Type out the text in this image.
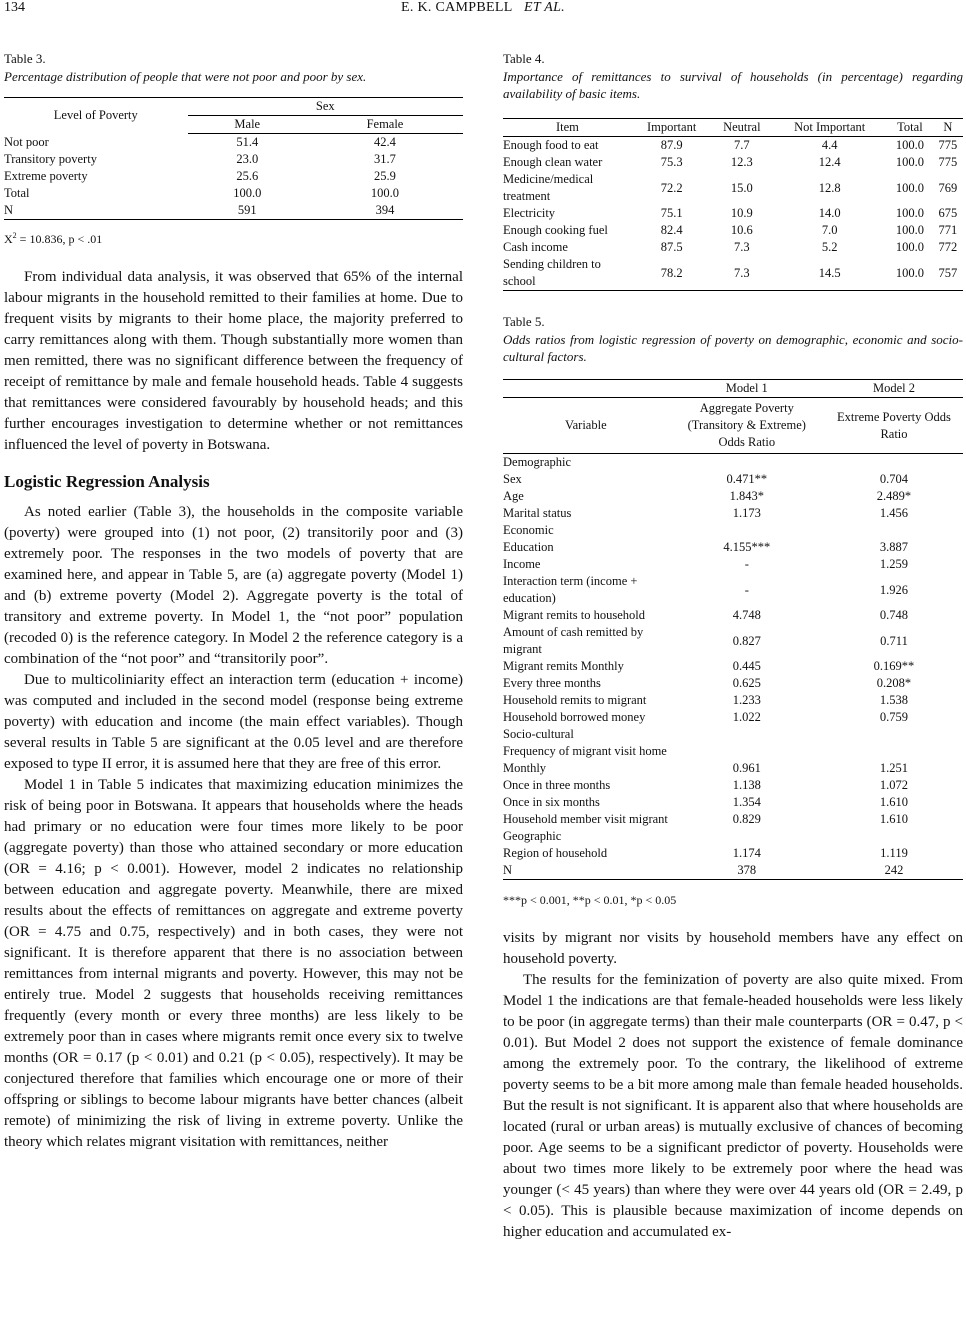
134	E. K. CAMPBELL ET AL.
Table 3.
Percentage distribution of people that were not poor and poor by sex.
Level of Poverty	Sex	
	Male	Female
Not poor	51.4	42.4
Transitory poverty	23.0	31.7
Extreme poverty	25.6	25.9
Total	100.0	100.0
N	591	394
$X^2 = 10.836$, p < .01

From individual data analysis, it was observed that 65% of the internal labour migrants in the household remitted to their families at home. Due to frequent visits by migrants to their home place, the majority preferred to carry remittances along with them. Though substantially more women than men remitted, there was no significant difference between the frequency of receipt of remittance by male and female household heads. Table 4 suggests that remittances were considered favourably by household heads; and this further encourages investigation to determine whether or not remittances influenced the level of poverty in Botswana.

Logistic Regression Analysis

As noted earlier (Table 3), the households in the composite variable (poverty) were grouped into (1) not poor, (2) transitorily poor and (3) extremely poor. The responses in the two models of poverty that are examined here, and appear in Table 5, are (a) aggregate poverty (Model 1) and (b) extreme poverty (Model 2). Aggregate poverty is the total of transitory and extreme poverty. In Model 1, the “not poor” population (recoded 0) is the reference category. In Model 2 the reference category is a combination of the “not poor” and “transitorily poor”.

Due to multicoliniarity effect an interaction term (education + income) was computed and included in the second model (response being extreme poverty) with education and income (the main effect variables). Though several results in Table 5 are significant at the 0.05 level and are therefore exposed to type II error, it is assumed here that they are free of this error.

Model 1 in Table 5 indicates that maximizing education minimizes the risk of being poor in Botswana. It appears that households where the heads had primary or no education were four times more likely to be poor (aggregate poverty) than those who attained secondary or more education (OR = 4.16; p < 0.001). However, model 2 indicates no relationship between education and aggregate poverty. Meanwhile, there are mixed results about the effects of remittances on aggregate and extreme poverty (OR = 4.75 and 0.75, respectively) and in both cases, they were not significant. It is therefore apparent that there is no association between remittances from internal migrants and poverty. However, this may not be entirely true. Model 2 suggests that households receiving remittances frequently (every month or every three months) are less likely to be extremely poor than in cases where migrants remit once every six to twelve months (OR = 0.17 (p < 0.01) and 0.21 (p < 0.05), respectively). It may be conjectured therefore that families which encourage one or more of their offspring or siblings to become labour migrants have better chances (albeit remote) of minimizing the risk of living in extreme poverty. Unlike the theory which relates migrant visitation with remittances, neither

Table 4.
Importance of remittances to survival of households (in percentage) regarding availability of basic items.
Item	Important	Neutral	Not Important	Total	N
Enough food to eat	87.9	7.7	4.4	100.0	775
Enough clean water	75.3	12.3	12.4	100.0	775
Medicine/medical treatment	72.2	15.0	12.8	100.0	769
Electricity	75.1	10.9	14.0	100.0	675
Enough cooking fuel	82.4	10.6	7.0	100.0	771
Cash income	87.5	7.3	5.2	100.0	772
Sending children to school	78.2	7.3	14.5	100.0	757
Table 5.
Odds ratios from logistic regression of poverty on demographic, economic and socio-cultural factors.
	Model 1	Model 2
Variable	Aggregate Poverty (Transitory & Extreme) Odds Ratio	Extreme Poverty Odds Ratio
Demographic		
Sex	0.471**	0.704
Age	1.843*	2.489*
Marital status	1.173	1.456
Economic		
Education	4.155***	3.887
Income	-	1.259
Interaction term (income + education)	-	1.926
Migrant remits to household	4.748	0.748
Amount of cash remitted by migrant	0.827	0.711
Migrant remits Monthly	0.445	0.169**
Every three months	0.625	0.208*
Household remits to migrant	1.233	1.538
Household borrowed money	1.022	0.759
Socio-cultural		
Frequency of migrant visit home		
Monthly	0.961	1.251
Once in three months	1.138	1.072
Once in six months	1.354	1.610
Household member visit migrant	0.829	1.610
Geographic		
Region of household	1.174	1.119
N	378	242
***p < 0.001, **p < 0.01, *p < 0.05

visits by migrant nor visits by household members have any effect on household poverty.

The results for the feminization of poverty are also quite mixed. From Model 1 the indications are that female-headed households were less likely to be poor (in aggregate terms) than their male counterparts (OR = 0.47, p < 0.01). But Model 2 does not support the existence of female dominance among the extremely poor. To the contrary, the likelihood of extreme poverty seems to be a bit more among male than female headed households. But the result is not significant. It is apparent also that where households are located (rural or urban areas) is mutually exclusive of chances of becoming poor. Age seems to be a significant predictor of poverty. Households were about two times more likely to be extremely poor where the head was younger (< 45 years) than where they were over 44 years old (OR = 2.49, p < 0.05). This is plausible because maximization of income depends on higher education and accumulated ex-
